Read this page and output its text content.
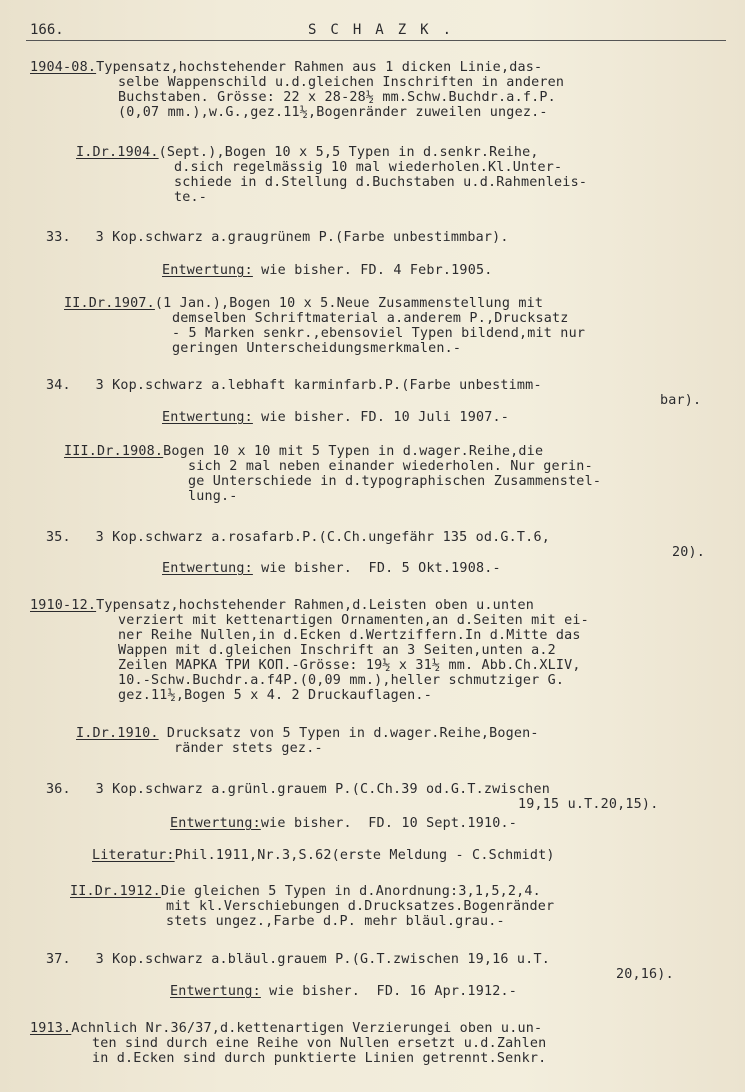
166.	SCHAZK.
1904-08.Typensatz,hochstehender Rahmen aus 1 dicken Linie,das-
selbe Wappenschild u.d.gleichen Inschriften in anderen
Buchstaben. Grösse: 22 x 28-28½ mm.Schw.Buchdr.a.f.P.
(0,07 mm.),w.G.,gez.11½,Bogenränder zuweilen ungez.-
I.Dr.1904.(Sept.),Bogen 10 x 5,5 Typen in d.senkr.Reihe,
d.sich regelmässig 10 mal wiederholen.Kl.Unter-
schiede in d.Stellung d.Buchstaben u.d.Rahmenleis-
te.-
33.   3 Kop.schwarz a.graugrünem P.(Farbe unbestimmbar).
Entwertung: wie bisher. FD. 4 Febr.1905.
II.Dr.1907.(1 Jan.),Bogen 10 x 5.Neue Zusammenstellung mit
demselben Schriftmaterial a.anderem P.,Drucksatz
- 5 Marken senkr.,ebensoviel Typen bildend,mit nur
geringen Unterscheidungsmerkmalen.-
34.   3 Kop.schwarz a.lebhaft karminfarb.P.(Farbe unbestimm-
bar).
Entwertung: wie bisher. FD. 10 Juli 1907.-
III.Dr.1908.Bogen 10 x 10 mit 5 Typen in d.wager.Reihe,die
sich 2 mal neben einander wiederholen. Nur gerin-
ge Unterschiede in d.typographischen Zusammenstel-
lung.-
35.   3 Kop.schwarz a.rosafarb.P.(C.Ch.ungefähr 135 od.G.T.6,
20).
Entwertung: wie bisher.  FD. 5 Okt.1908.-
1910-12.Typensatz,hochstehender Rahmen,d.Leisten oben u.unten
verziert mit kettenartigen Ornamenten,an d.Seiten mit ei-
ner Reihe Nullen,in d.Ecken d.Wertziffern.In d.Mitte das
Wappen mit d.gleichen Inschrift an 3 Seiten,unten a.2
Zeilen МАРКА ТРИ КОП.-Grösse: 19½ x 31½ mm. Abb.Ch.XLIV,
10.-Schw.Buchdr.a.f4P.(0,09 mm.),heller schmutziger G.
gez.11½,Bogen 5 x 4. 2 Druckauflagen.-
I.Dr.1910. Drucksatz von 5 Typen in d.wager.Reihe,Bogen-
ränder stets gez.-
36.   3 Kop.schwarz a.grünl.grauem P.(C.Ch.39 od.G.T.zwischen
19,15 u.T.20,15).
Entwertung:wie bisher.  FD. 10 Sept.1910.-
Literatur:Phil.1911,Nr.3,S.62(erste Meldung - C.Schmidt)
II.Dr.1912.Die gleichen 5 Typen in d.Anordnung:3,1,5,2,4.
mit kl.Verschiebungen d.Drucksatzes.Bogenränder
stets ungez.,Farbe d.P. mehr bläul.grau.-
37.   3 Kop.schwarz a.bläul.grauem P.(G.T.zwischen 19,16 u.T.
20,16).
Entwertung: wie bisher.  FD. 16 Apr.1912.-
1913.Achnlich Nr.36/37,d.kettenartigen Verzierungei oben u.un-
ten sind durch eine Reihe von Nullen ersetzt u.d.Zahlen
in d.Ecken sind durch punktierte Linien getrennt.Senkr.
